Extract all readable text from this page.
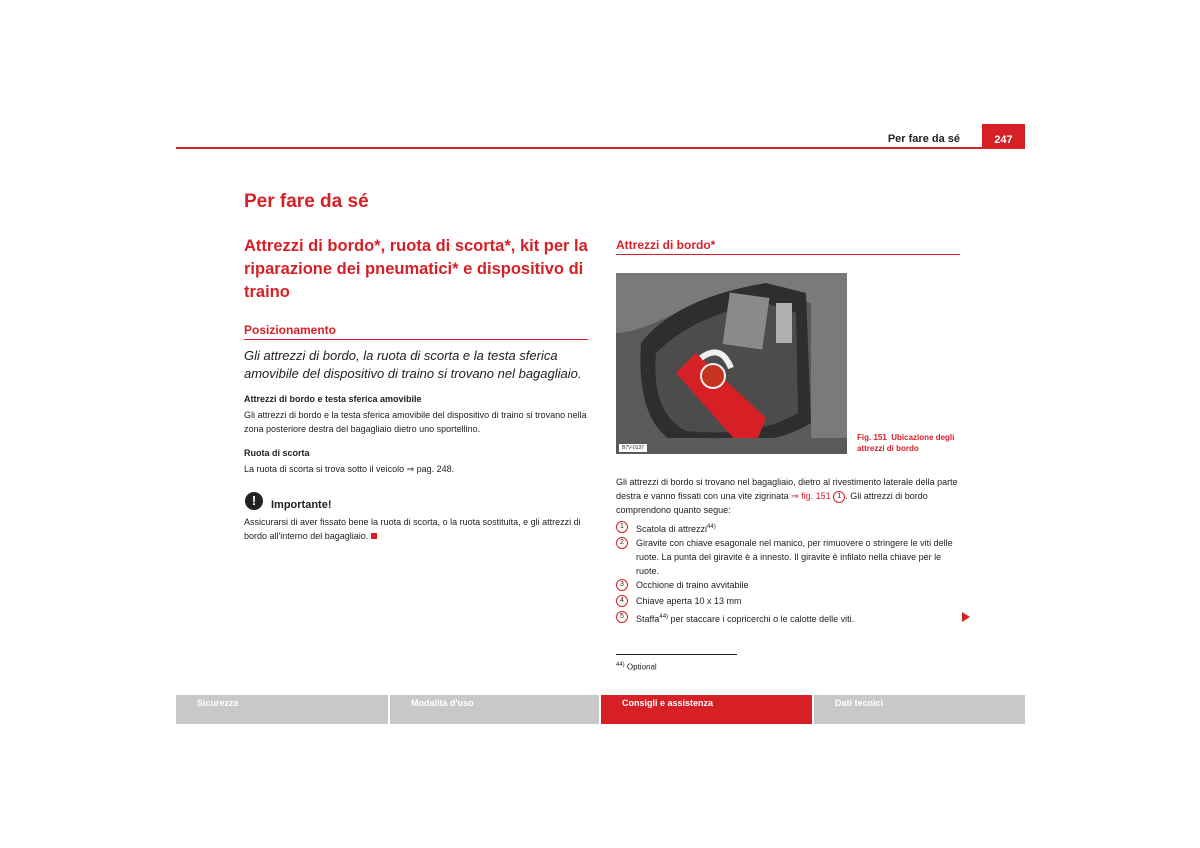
Per fare da sé	247
Per fare da sé
Attrezzi di bordo*, ruota di scorta*, kit per la riparazione dei pneumatici* e dispositivo di traino
Posizionamento
Gli attrezzi di bordo, la ruota di scorta e la testa sferica amovibile del dispositivo di traino si trovano nel bagagliaio.
Attrezzi di bordo e testa sferica amovibile
Gli attrezzi di bordo e la testa sferica amovibile del dispositivo di traino si trovano nella zona posteriore destra del bagagliaio dietro uno sportellino.
Ruota di scorta
La ruota di scorta si trova sotto il veicolo ⇒ pag. 248.
!	Importante!
Assicurarsi di aver fissato bene la ruota di scorta, o la ruota sostituita, e gli attrezzi di bordo all'interno del bagagliaio.
Attrezzi di bordo*
B7V-0137
Fig. 151 Ubicazione degli attrezzi di bordo
Gli attrezzi di bordo si trovano nel bagagliaio, dietro al rivestimento laterale della parte destra e vanno fissati con una vite zigrinata ⇒ fig. 151 1 . Gli attrezzi di bordo comprendono quanto segue:
1	Scatola di attrezzi$^{44)}$
2	Giravite con chiave esagonale nel manico, per rimuovere o stringere le viti delle ruote. La punta del giravite è a innesto. Il giravite è infilato nella chiave per le ruote.
3	Occhione di traino avvitabile
4	Chiave aperta 10 x 13 mm
5	Staffa$^{44)}$ per staccare i copricerchi o le calotte delle viti.
$^{44)}$ Optional
Sicurezza	Modalità d'uso	Consigli e assistenza	Dati tecnici
